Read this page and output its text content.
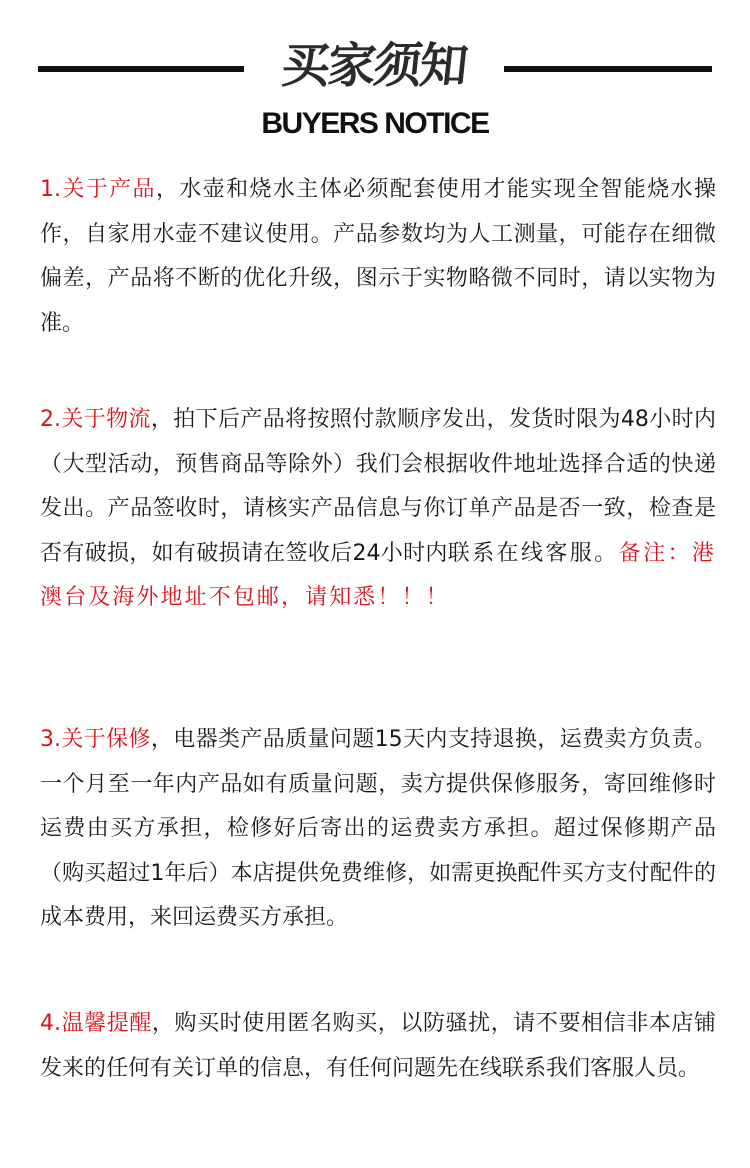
买家须知
BUYERS NOTICE
1.关于产品，水壶和烧水主体必须配套使用才能实现全智能烧水操作，自家用水壶不建议使用。产品参数均为人工测量，可能存在细微偏差，产品将不断的优化升级，图示于实物略微不同时，请以实物为准。
2.关于物流，拍下后产品将按照付款顺序发出，发货时限为48小时内（大型活动，预售商品等除外）我们会根据收件地址选择合适的快递发出。产品签收时，请核实产品信息与你订单产品是否一致，检查是否有破损，如有破损请在签收后24小时内联系在线客服。备注：港澳台及海外地址不包邮，请知悉！！！
3.关于保修，电器类产品质量问题15天内支持退换，运费卖方负责。一个月至一年内产品如有质量问题，卖方提供保修服务，寄回维修时运费由买方承担，检修好后寄出的运费卖方承担。超过保修期产品（购买超过1年后）本店提供免费维修，如需更换配件买方支付配件的成本费用，来回运费买方承担。
4.温馨提醒，购买时使用匿名购买，以防骚扰，请不要相信非本店铺发来的任何有关订单的信息，有任何问题先在线联系我们客服人员。
